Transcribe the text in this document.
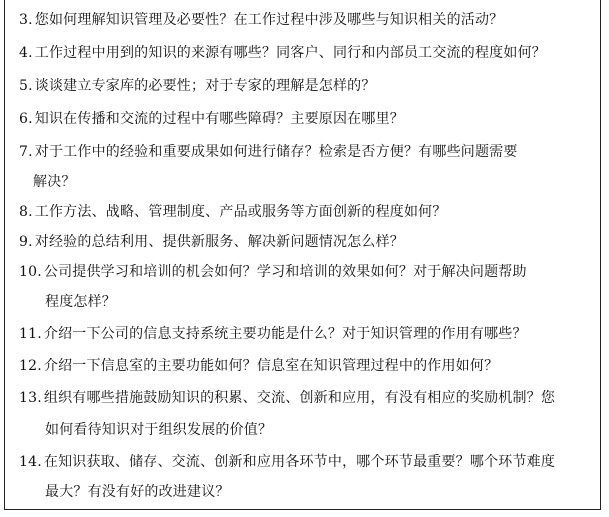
3. 您如何理解知识管理及必要性？在工作过程中涉及哪些与知识相关的活动？
4. 工作过程中用到的知识的来源有哪些？同客户、同行和内部员工交流的程度如何？
5. 谈谈建立专家库的必要性；对于专家的理解是怎样的？
6. 知识在传播和交流的过程中有哪些障碍？主要原因在哪里？
7. 对于工作中的经验和重要成果如何进行储存？检索是否方便？有哪些问题需要
解决？
8. 工作方法、战略、管理制度、产品或服务等方面创新的程度如何？
9. 对经验的总结利用、提供新服务、解决新问题情况怎么样？
10. 公司提供学习和培训的机会如何？学习和培训的效果如何？对于解决问题帮助
程度怎样？
11. 介绍一下公司的信息支持系统主要功能是什么？对于知识管理的作用有哪些？
12. 介绍一下信息室的主要功能如何？信息室在知识管理过程中的作用如何？
13. 组织有哪些措施鼓励知识的积累、交流、创新和应用，有没有相应的奖励机制？您
如何看待知识对于组织发展的价值？
14. 在知识获取、储存、交流、创新和应用各环节中，哪个环节最重要？哪个环节难度
最大？有没有好的改进建议？
